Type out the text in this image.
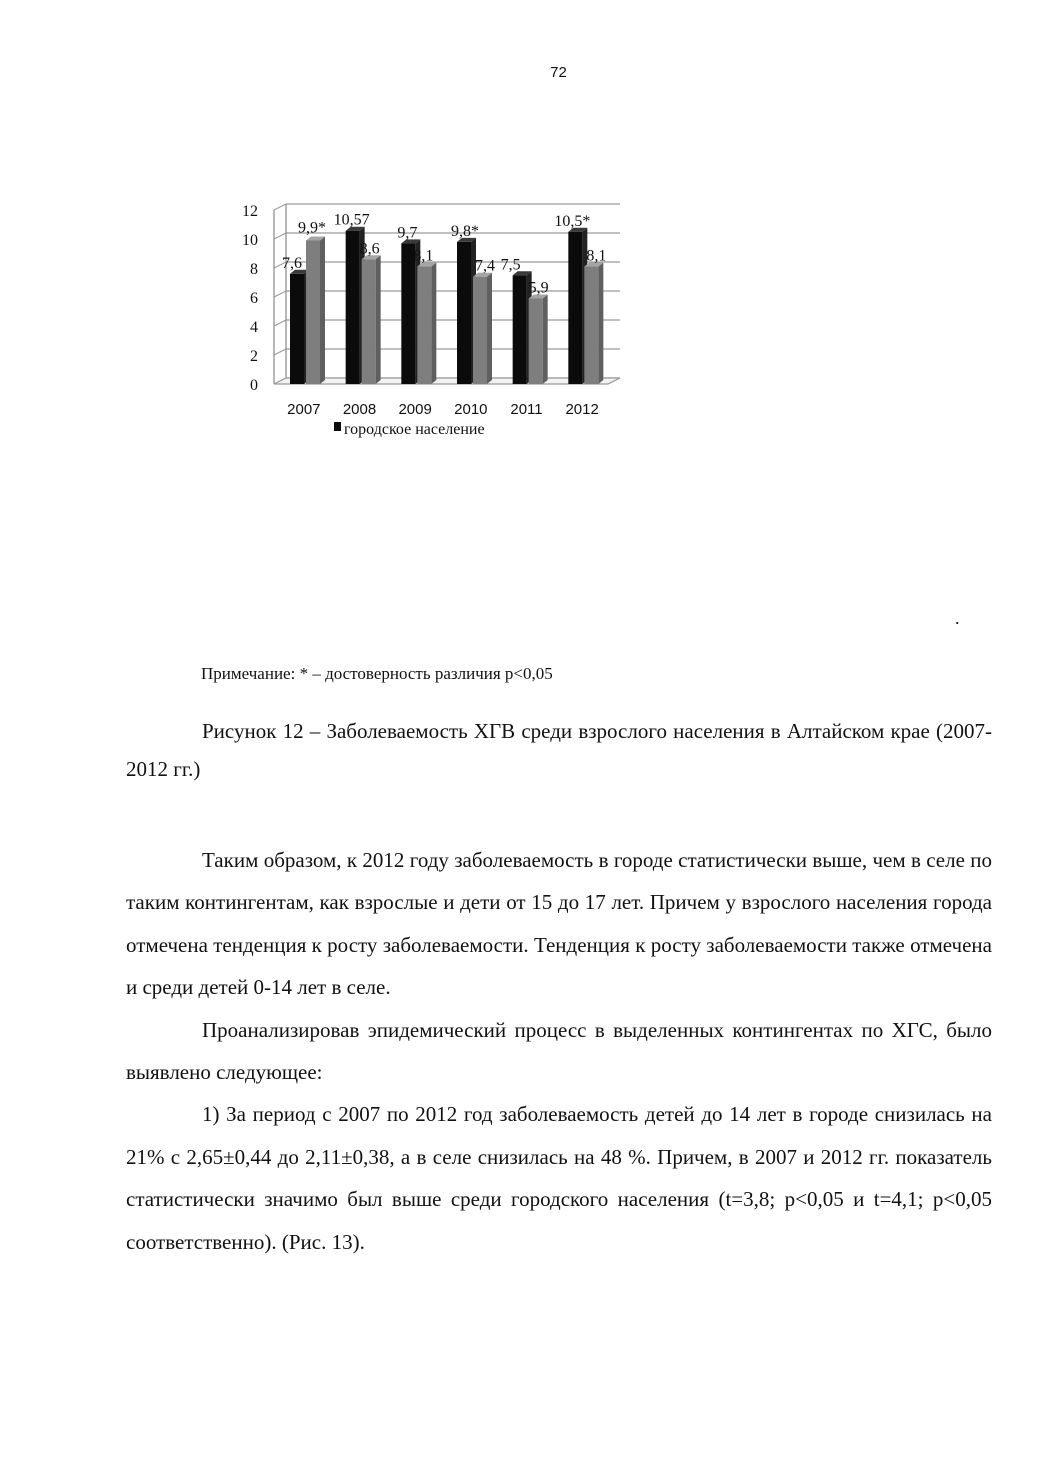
72
0
2
4
6
8
10
12
7,6
9,9*
2007
10,57
8,6
2008
9,7
8,1
2009
9,8*
7,4
2010
7,5
5,9
2011
10,5*
8,1
2012
городское население
.
Примечание: * – достоверность различия р<0,05

Рисунок 12 – Заболеваемость ХГВ среди взрослого населения в Алтайском крае (2007-2012 гг.)

Таким образом, к 2012 году заболеваемость в городе статистически выше, чем в селе по таким контингентам, как взрослые и дети от 15 до 17 лет. Причем у взрослого населения города отмечена тенденция к росту заболеваемости. Тенденция к росту заболеваемости также отмечена и среди детей 0-14 лет в селе.

Проанализировав эпидемический процесс в выделенных контингентах по ХГС, было выявлено следующее:

1) За период с 2007 по 2012 год заболеваемость детей до 14 лет в городе снизилась на 21% с 2,65±0,44 до 2,11±0,38, а в селе снизилась на 48 %. Причем, в 2007 и 2012 гг. показатель статистически значимо был выше среди городского населения (t=3,8; p<0,05 и t=4,1; p<0,05 соответственно). (Рис. 13).
